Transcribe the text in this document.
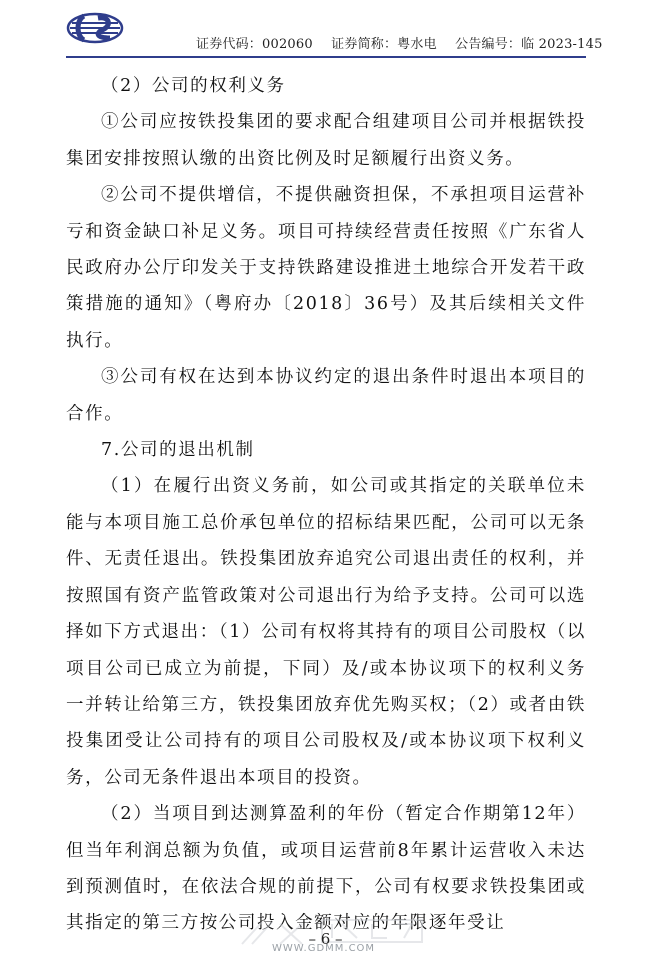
证券代码：002060 证券简称：粤水电 公告编号：临 2023-145

（2）公司的权利义务

①公司应按铁投集团的要求配合组建项目公司并根据铁投集团安排按照认缴的出资比例及时足额履行出资义务。

②公司不提供增信，不提供融资担保，不承担项目运营补亏和资金缺口补足义务。项目可持续经营责任按照《广东省人民政府办公厅印发关于支持铁路建设推进土地综合开发若干政策措施的通知》（粤府办〔2018〕36号）及其后续相关文件执行。

③公司有权在达到本协议约定的退出条件时退出本项目的合作。

7.公司的退出机制

（1）在履行出资义务前，如公司或其指定的关联单位未能与本项目施工总价承包单位的招标结果匹配，公司可以无条件、无责任退出。铁投集团放弃追究公司退出责任的权利，并按照国有资产监管政策对公司退出行为给予支持。公司可以选择如下方式退出：（1）公司有权将其持有的项目公司股权（以项目公司已成立为前提，下同）及/或本协议项下的权利义务一并转让给第三方，铁投集团放弃优先购买权；（2）或者由铁投集团受让公司持有的项目公司股权及/或本协议项下权利义务，公司无条件退出本项目的投资。

（2）当项目到达测算盈利的年份（暂定合作期第12年）但当年利润总额为负值，或项目运营前8年累计运营收入未达到预测值时，在依法合规的前提下，公司有权要求铁投集团或其指定的第三方按公司投入金额对应的年限逐年受让

WWW.GDMM.COM
– 6 –
